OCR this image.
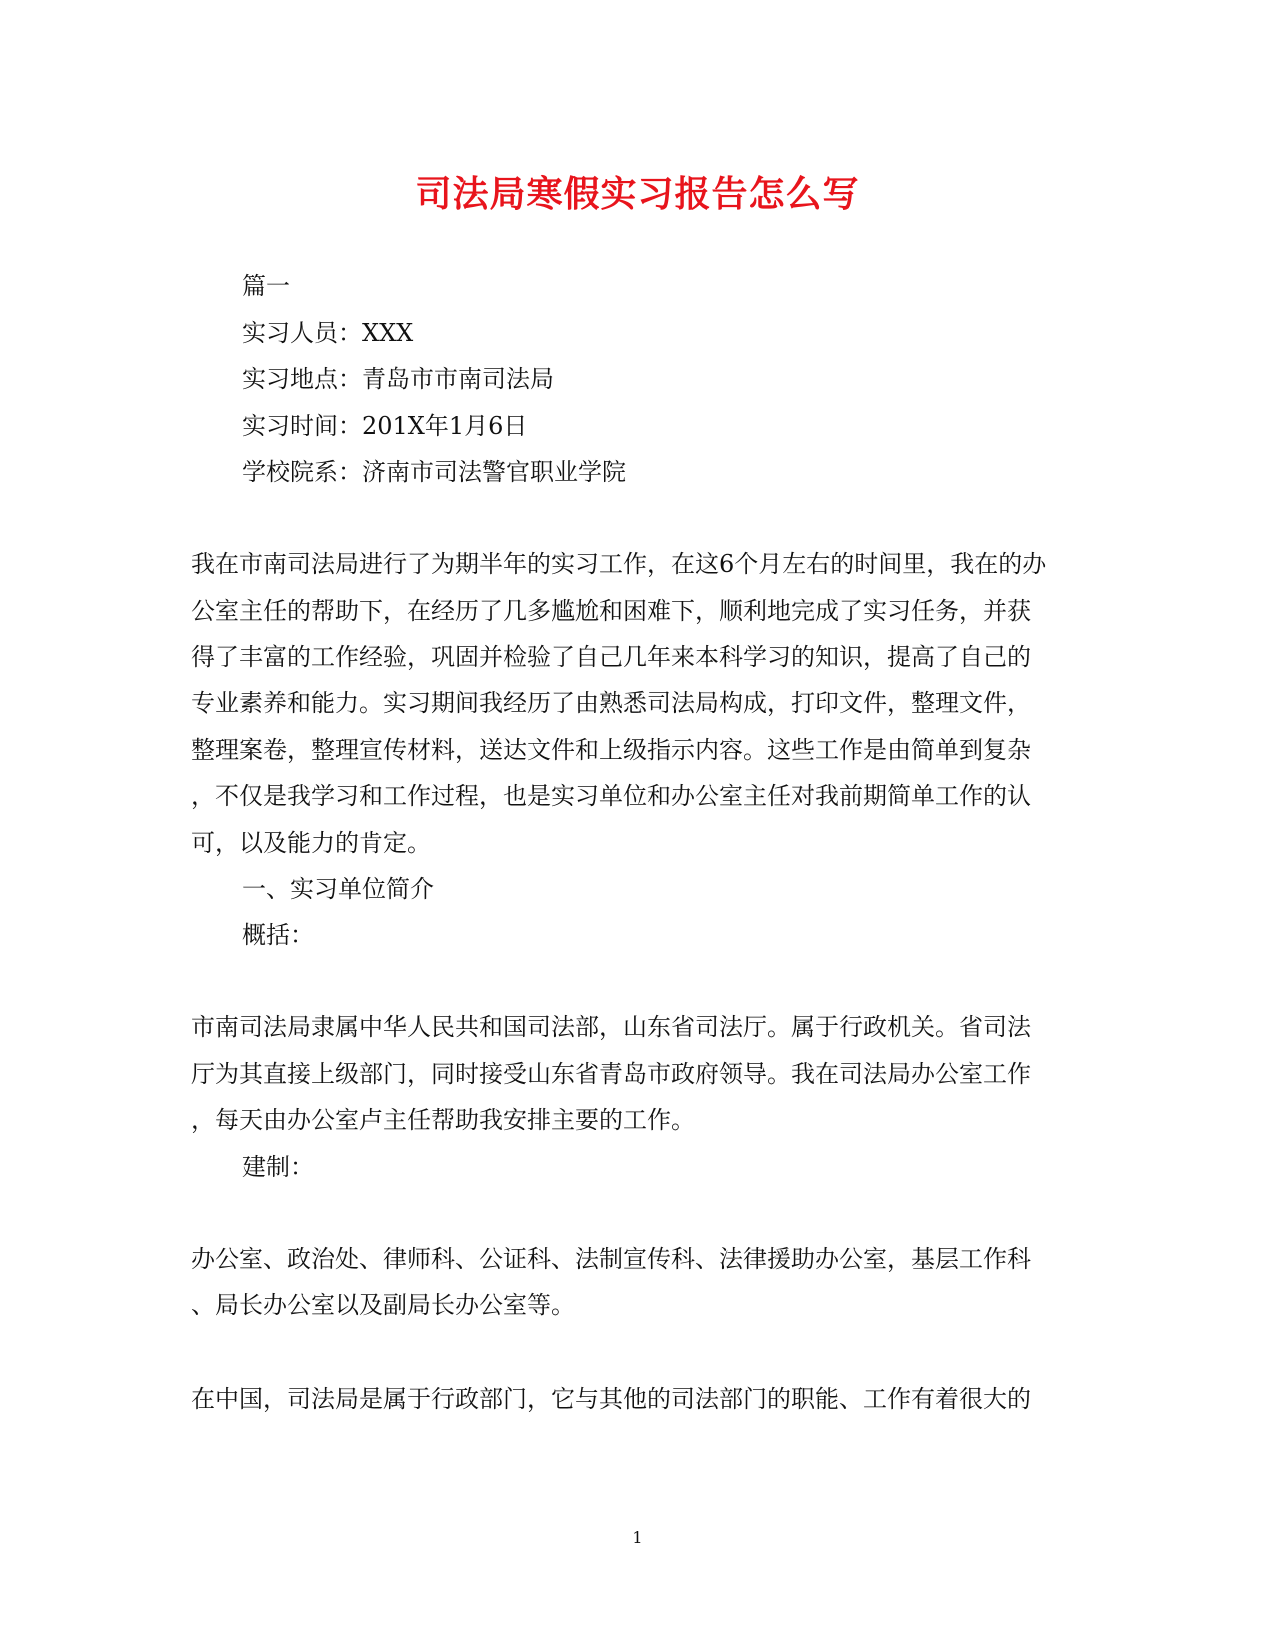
司法局寒假实习报告怎么写
篇一
实习人员：XXX
实习地点：青岛市市南司法局
实习时间：201X年1月6日
学校院系：济南市司法警官职业学院
我在市南司法局进行了为期半年的实习工作，在这6个月左右的时间里，我在的办
公室主任的帮助下，在经历了几多尴尬和困难下，顺利地完成了实习任务，并获
得了丰富的工作经验，巩固并检验了自己几年来本科学习的知识，提高了自己的
专业素养和能力。实习期间我经历了由熟悉司法局构成，打印文件，整理文件，
整理案卷，整理宣传材料，送达文件和上级指示内容。这些工作是由简单到复杂
，不仅是我学习和工作过程，也是实习单位和办公室主任对我前期简单工作的认
可，以及能力的肯定。
一、实习单位简介
概括：
市南司法局隶属中华人民共和国司法部，山东省司法厅。属于行政机关。省司法
厅为其直接上级部门，同时接受山东省青岛市政府领导。我在司法局办公室工作
，每天由办公室卢主任帮助我安排主要的工作。
建制：
办公室、政治处、律师科、公证科、法制宣传科、法律援助办公室，基层工作科
、局长办公室以及副局长办公室等。
在中国，司法局是属于行政部门，它与其他的司法部门的职能、工作有着很大的
1
